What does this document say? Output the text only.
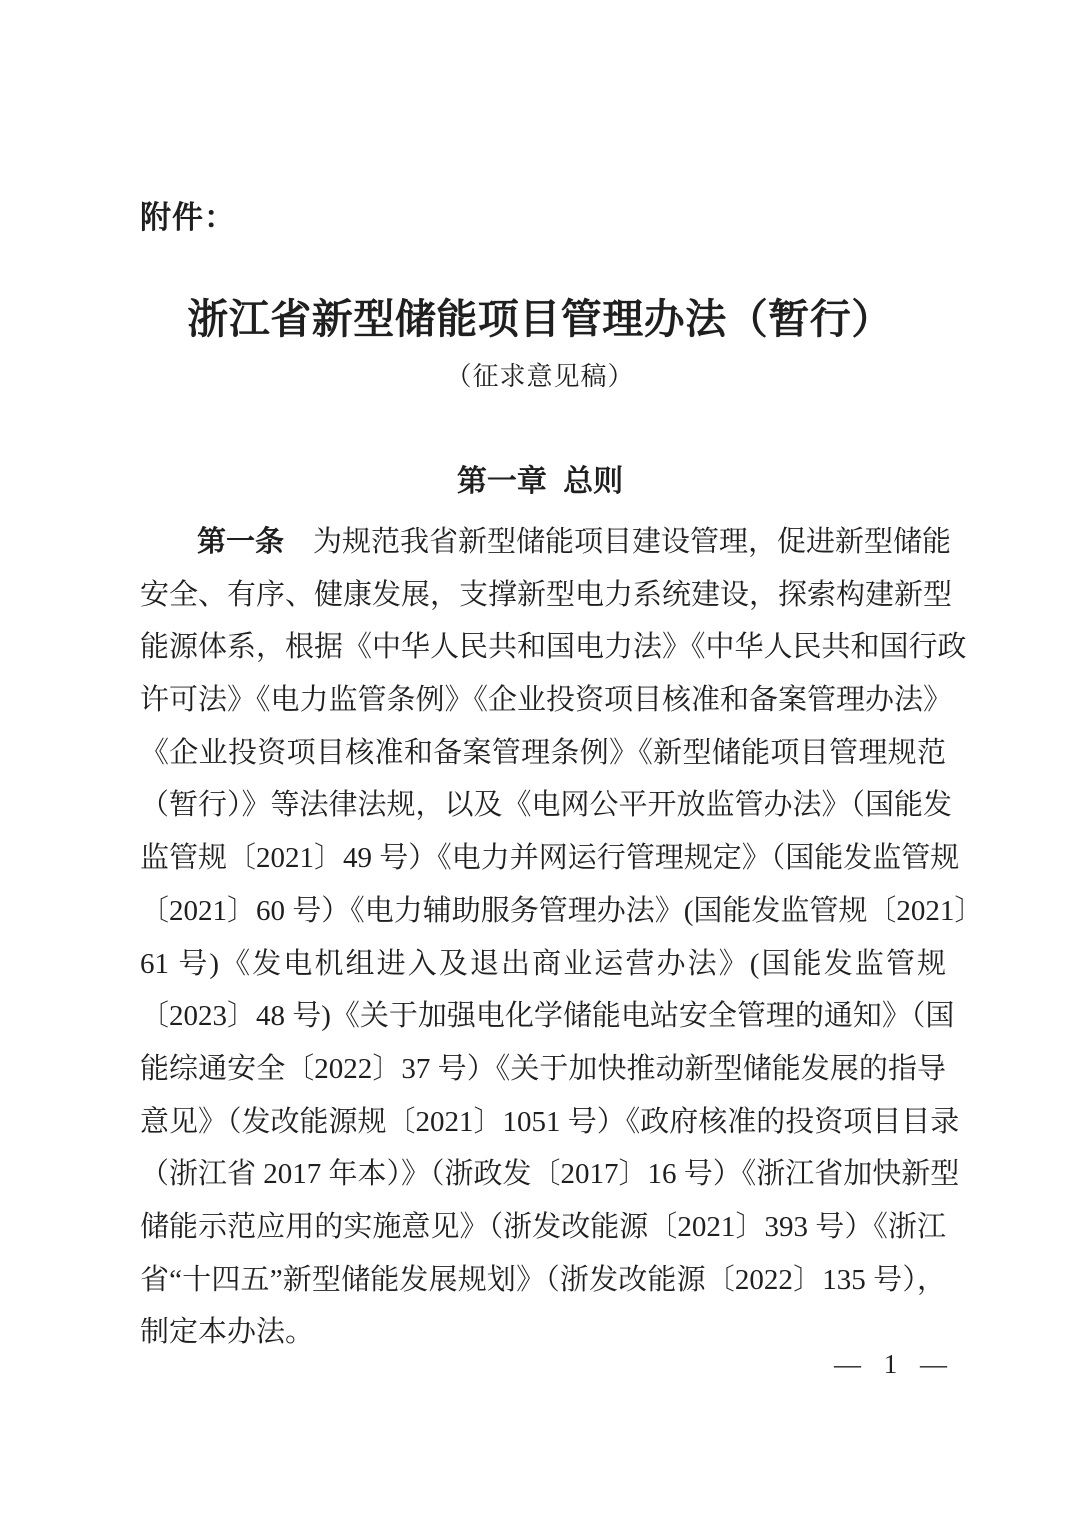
附件：
浙江省新型储能项目管理办法（暂行）
（征求意见稿）
第一章 总则
第一条　为规范我省新型储能项目建设管理，促进新型储能
安全、有序、健康发展，支撑新型电力系统建设，探索构建新型
能源体系，根据《中华人民共和国电力法》《中华人民共和国行政
许可法》《电力监管条例》《企业投资项目核准和备案管理办法》
《企业投资项目核准和备案管理条例》《新型储能项目管理规范
（暂行）》等法律法规，以及《电网公平开放监管办法》（国能发
监管规〔2021〕49 号）《电力并网运行管理规定》（国能发监管规
〔2021〕60 号）《电力辅助服务管理办法》(国能发监管规〔2021〕
61 号)《发电机组进入及退出商业运营办法》(国能发监管规
〔2023〕48 号)《关于加强电化学储能电站安全管理的通知》（国
能综通安全〔2022〕37 号）《关于加快推动新型储能发展的指导
意见》（发改能源规〔2021〕1051 号）《政府核准的投资项目目录
（浙江省 2017 年本）》（浙政发〔2017〕16 号）《浙江省加快新型
储能示范应用的实施意见》（浙发改能源〔2021〕393 号）《浙江
省“十四五”新型储能发展规划》（浙发改能源〔2022〕135 号），
制定本办法。
— 1 —
